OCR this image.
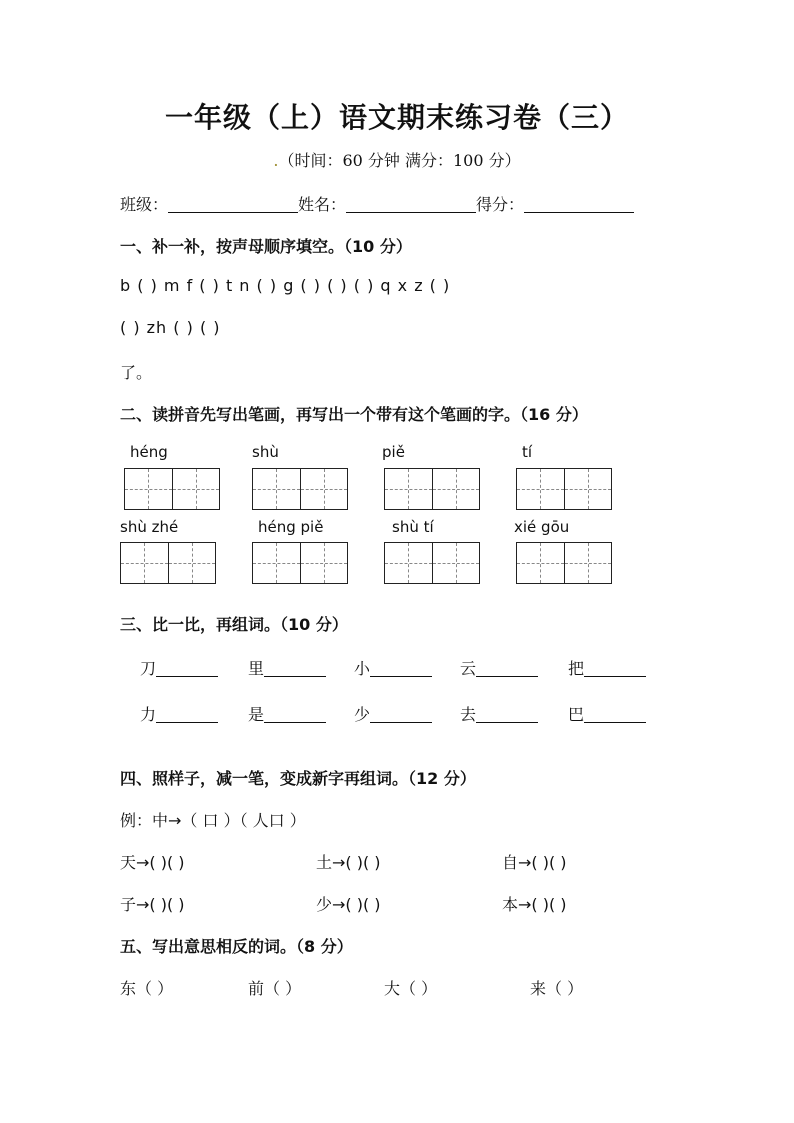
一年级（上）语文期末练习卷（三）
.（时间：60 分钟 满分：100 分）
班级：	姓名：	得分：
一、补一补，按声母顺序填空。（10 分）
b ( ) m f ( ) t n ( ) g ( ) ( ) ( ) q x z ( )
( ) zh ( ) ( )
了。
二、读拼音先写出笔画，再写出一个带有这个笔画的字。（16 分）
héng	shù	piě	tí
shù zhé	héng piě	shù tí	xié gōu
三、比一比，再组词。（10 分）
刀	里	小	云	把
力	是	少	去	巴
四、照样子，减一笔，变成新字再组词。（12 分）
例：中→（ 口 ）（ 人口 ）
天→( )( )	土→( )( )	自→( )( )
子→( )( )	少→( )( )	本→( )( )
五、写出意思相反的词。（8 分）
东（ ）	前（ ）	大（ ）	来（ ）
